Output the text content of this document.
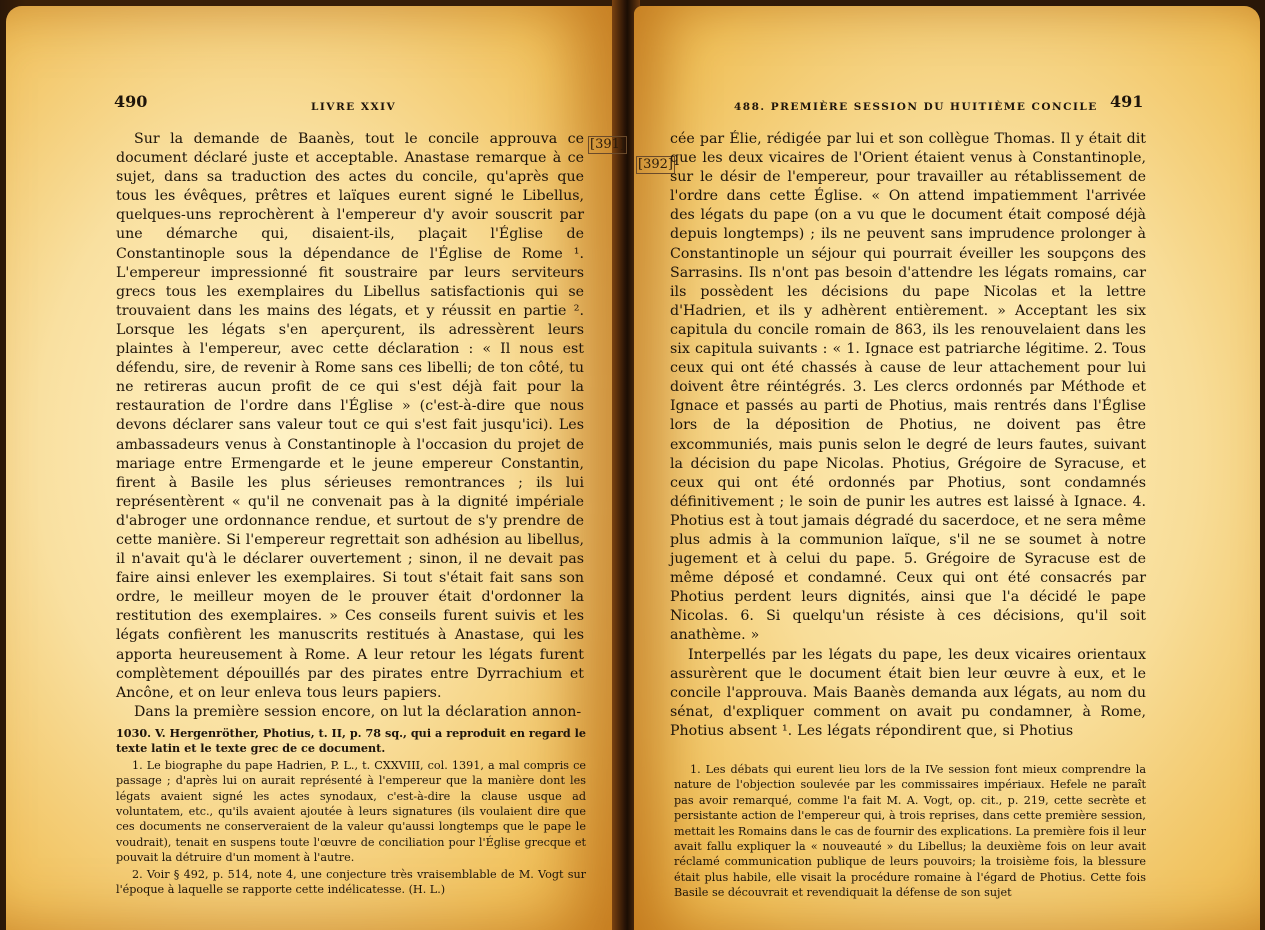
490	LIVRE XXIV

Sur la demande de Baanès, tout le concile approuva ce document déclaré juste et acceptable. Anastase remarque à ce sujet, dans sa traduction des actes du concile, qu'après que tous les évêques, prêtres et laïques eurent signé le Libellus, quelques-uns reprochèrent à l'empereur d'y avoir souscrit par une démarche qui, disaient-ils, plaçait l'Église de Constantinople sous la dépendance de l'Église de Rome ¹. L'empereur impressionné fit soustraire par leurs serviteurs grecs tous les exemplaires du Libellus satisfactionis qui se trouvaient dans les mains des légats, et y réussit en partie ². Lorsque les légats s'en aperçurent, ils adressèrent leurs plaintes à l'empereur, avec cette déclaration : « Il nous est défendu, sire, de revenir à Rome sans ces libelli; de ton côté, tu ne retireras aucun profit de ce qui s'est déjà fait pour la restauration de l'ordre dans l'Église » (c'est-à-dire que nous devons déclarer sans valeur tout ce qui s'est fait jusqu'ici). Les ambassadeurs venus à Constantinople à l'occasion du projet de mariage entre Ermengarde et le jeune empereur Constantin, firent à Basile les plus sérieuses remontrances ; ils lui représentèrent « qu'il ne convenait pas à la dignité impériale d'abroger une ordonnance rendue, et surtout de s'y prendre de cette manière. Si l'empereur regrettait son adhésion au libellus, il n'avait qu'à le déclarer ouvertement ; sinon, il ne devait pas faire ainsi enlever les exemplaires. Si tout s'était fait sans son ordre, le meilleur moyen de le prouver était d'ordonner la restitution des exemplaires. » Ces conseils furent suivis et les légats confièrent les manuscrits restitués à Anastase, qui les apporta heureusement à Rome. A leur retour les légats furent complètement dépouillés par des pirates entre Dyrrachium et Ancône, et on leur enleva tous leurs papiers.

Dans la première session encore, on lut la déclaration annon-

1030. V. Hergenröther, Photius, t. II, p. 78 sq., qui a reproduit en regard le texte latin et le texte grec de ce document.

1. Le biographe du pape Hadrien, P. L., t. CXXVIII, col. 1391, a mal compris ce passage ; d'après lui on aurait représenté à l'empereur que la manière dont les légats avaient signé les actes synodaux, c'est-à-dire la clause usque ad voluntatem, etc., qu'ils avaient ajoutée à leurs signatures (ils voulaient dire que ces documents ne conserveraient de la valeur qu'aussi longtemps que le pape le voudrait), tenait en suspens toute l'œuvre de conciliation pour l'Église grecque et pouvait la détruire d'un moment à l'autre.

2. Voir § 492, p. 514, note 4, une conjecture très vraisemblable de M. Vogt sur l'époque à laquelle se rapporte cette indélicatesse. (H. L.)

488. PREMIÈRE SESSION DU HUITIÈME CONCILE 491
[391]
[392]

cée par Élie, rédigée par lui et son collègue Thomas. Il y était dit que les deux vicaires de l'Orient étaient venus à Constantinople, sur le désir de l'empereur, pour travailler au rétablissement de l'ordre dans cette Église. « On attend impatiemment l'arrivée des légats du pape (on a vu que le document était composé déjà depuis longtemps) ; ils ne peuvent sans imprudence prolonger à Constantinople un séjour qui pourrait éveiller les soupçons des Sarrasins. Ils n'ont pas besoin d'attendre les légats romains, car ils possèdent les décisions du pape Nicolas et la lettre d'Hadrien, et ils y adhèrent entièrement. » Acceptant les six capitula du concile romain de 863, ils les renouvelaient dans les six capitula suivants : « 1. Ignace est patriarche légitime. 2. Tous ceux qui ont été chassés à cause de leur attachement pour lui doivent être réintégrés. 3. Les clercs ordonnés par Méthode et Ignace et passés au parti de Photius, mais rentrés dans l'Église lors de la déposition de Photius, ne doivent pas être excommuniés, mais punis selon le degré de leurs fautes, suivant la décision du pape Nicolas. Photius, Grégoire de Syracuse, et ceux qui ont été ordonnés par Photius, sont condamnés définitivement ; le soin de punir les autres est laissé à Ignace. 4. Photius est à tout jamais dégradé du sacerdoce, et ne sera même plus admis à la communion laïque, s'il ne se soumet à notre jugement et à celui du pape. 5. Grégoire de Syracuse est de même déposé et condamné. Ceux qui ont été consacrés par Photius perdent leurs dignités, ainsi que l'a décidé le pape Nicolas. 6. Si quelqu'un résiste à ces décisions, qu'il soit anathème. »

Interpellés par les légats du pape, les deux vicaires orientaux assurèrent que le document était bien leur œuvre à eux, et le concile l'approuva. Mais Baanès demanda aux légats, au nom du sénat, d'expliquer comment on avait pu condamner, à Rome, Photius absent ¹. Les légats répondirent que, si Photius

1. Les débats qui eurent lieu lors de la IVe session font mieux comprendre la nature de l'objection soulevée par les commissaires impériaux. Hefele ne paraît pas avoir remarqué, comme l'a fait M. A. Vogt, op. cit., p. 219, cette secrète et persistante action de l'empereur qui, à trois reprises, dans cette première session, mettait les Romains dans le cas de fournir des explications. La première fois il leur avait fallu expliquer la « nouveauté » du Libellus; la deuxième fois on leur avait réclamé communication publique de leurs pouvoirs; la troisième fois, la blessure était plus habile, elle visait la procédure romaine à l'égard de Photius. Cette fois Basile se découvrait et revendiquait la défense de son sujet
